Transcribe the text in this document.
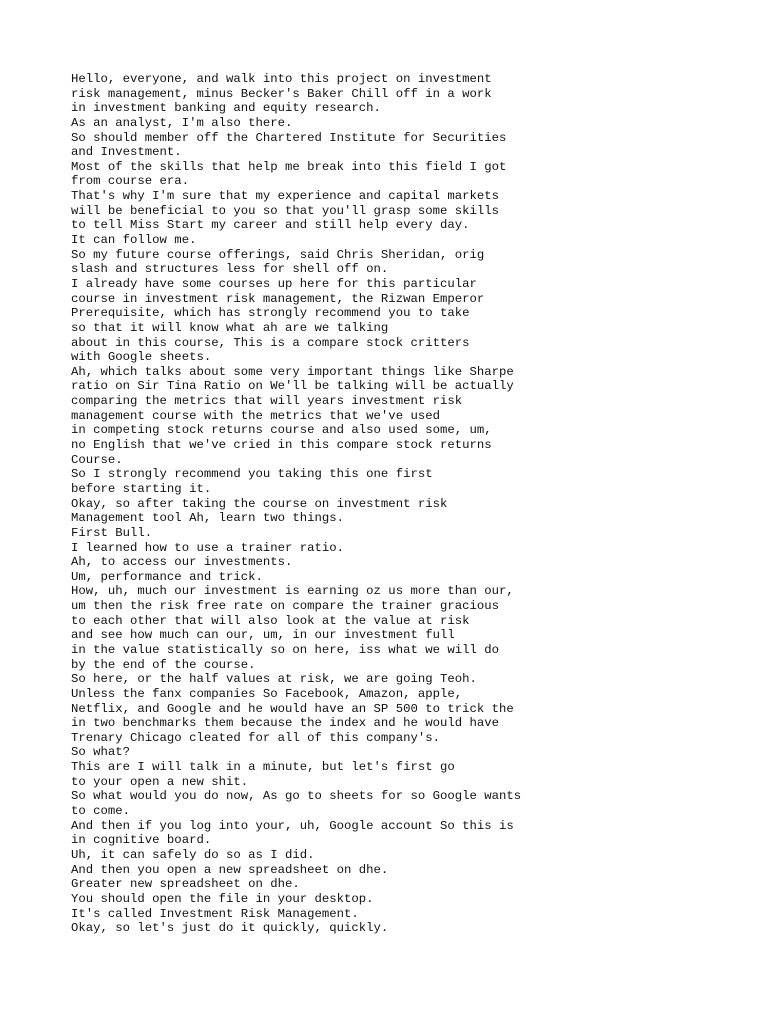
Hello, everyone, and walk into this project on investment
risk management, minus Becker's Baker Chill off in a work
in investment banking and equity research.
As an analyst, I'm also there.
So should member off the Chartered Institute for Securities
and Investment.
Most of the skills that help me break into this field I got
from course era.
That's why I'm sure that my experience and capital markets
will be beneficial to you so that you'll grasp some skills
to tell Miss Start my career and still help every day.
It can follow me.
So my future course offerings, said Chris Sheridan, orig
slash and structures less for shell off on.
I already have some courses up here for this particular
course in investment risk management, the Rizwan Emperor
Prerequisite, which has strongly recommend you to take
so that it will know what ah are we talking
about in this course, This is a compare stock critters
with Google sheets.
Ah, which talks about some very important things like Sharpe
ratio on Sir Tina Ratio on We'll be talking will be actually
comparing the metrics that will years investment risk
management course with the metrics that we've used
in competing stock returns course and also used some, um,
no English that we've cried in this compare stock returns
Course.
So I strongly recommend you taking this one first
before starting it.
Okay, so after taking the course on investment risk
Management tool Ah, learn two things.
First Bull.
I learned how to use a trainer ratio.
Ah, to access our investments.
Um, performance and trick.
How, uh, much our investment is earning oz us more than our,
um then the risk free rate on compare the trainer gracious
to each other that will also look at the value at risk
and see how much can our, um, in our investment full
in the value statistically so on here, iss what we will do
by the end of the course.
So here, or the half values at risk, we are going Teoh.
Unless the fanx companies So Facebook, Amazon, apple,
Netflix, and Google and he would have an SP 500 to trick the
in two benchmarks them because the index and he would have
Trenary Chicago cleated for all of this company's.
So what?
This are I will talk in a minute, but let's first go
to your open a new shit.
So what would you do now, As go to sheets for so Google wants
to come.
And then if you log into your, uh, Google account So this is
in cognitive board.
Uh, it can safely do so as I did.
And then you open a new spreadsheet on dhe.
Greater new spreadsheet on dhe.
You should open the file in your desktop.
It's called Investment Risk Management.
Okay, so let's just do it quickly, quickly.
